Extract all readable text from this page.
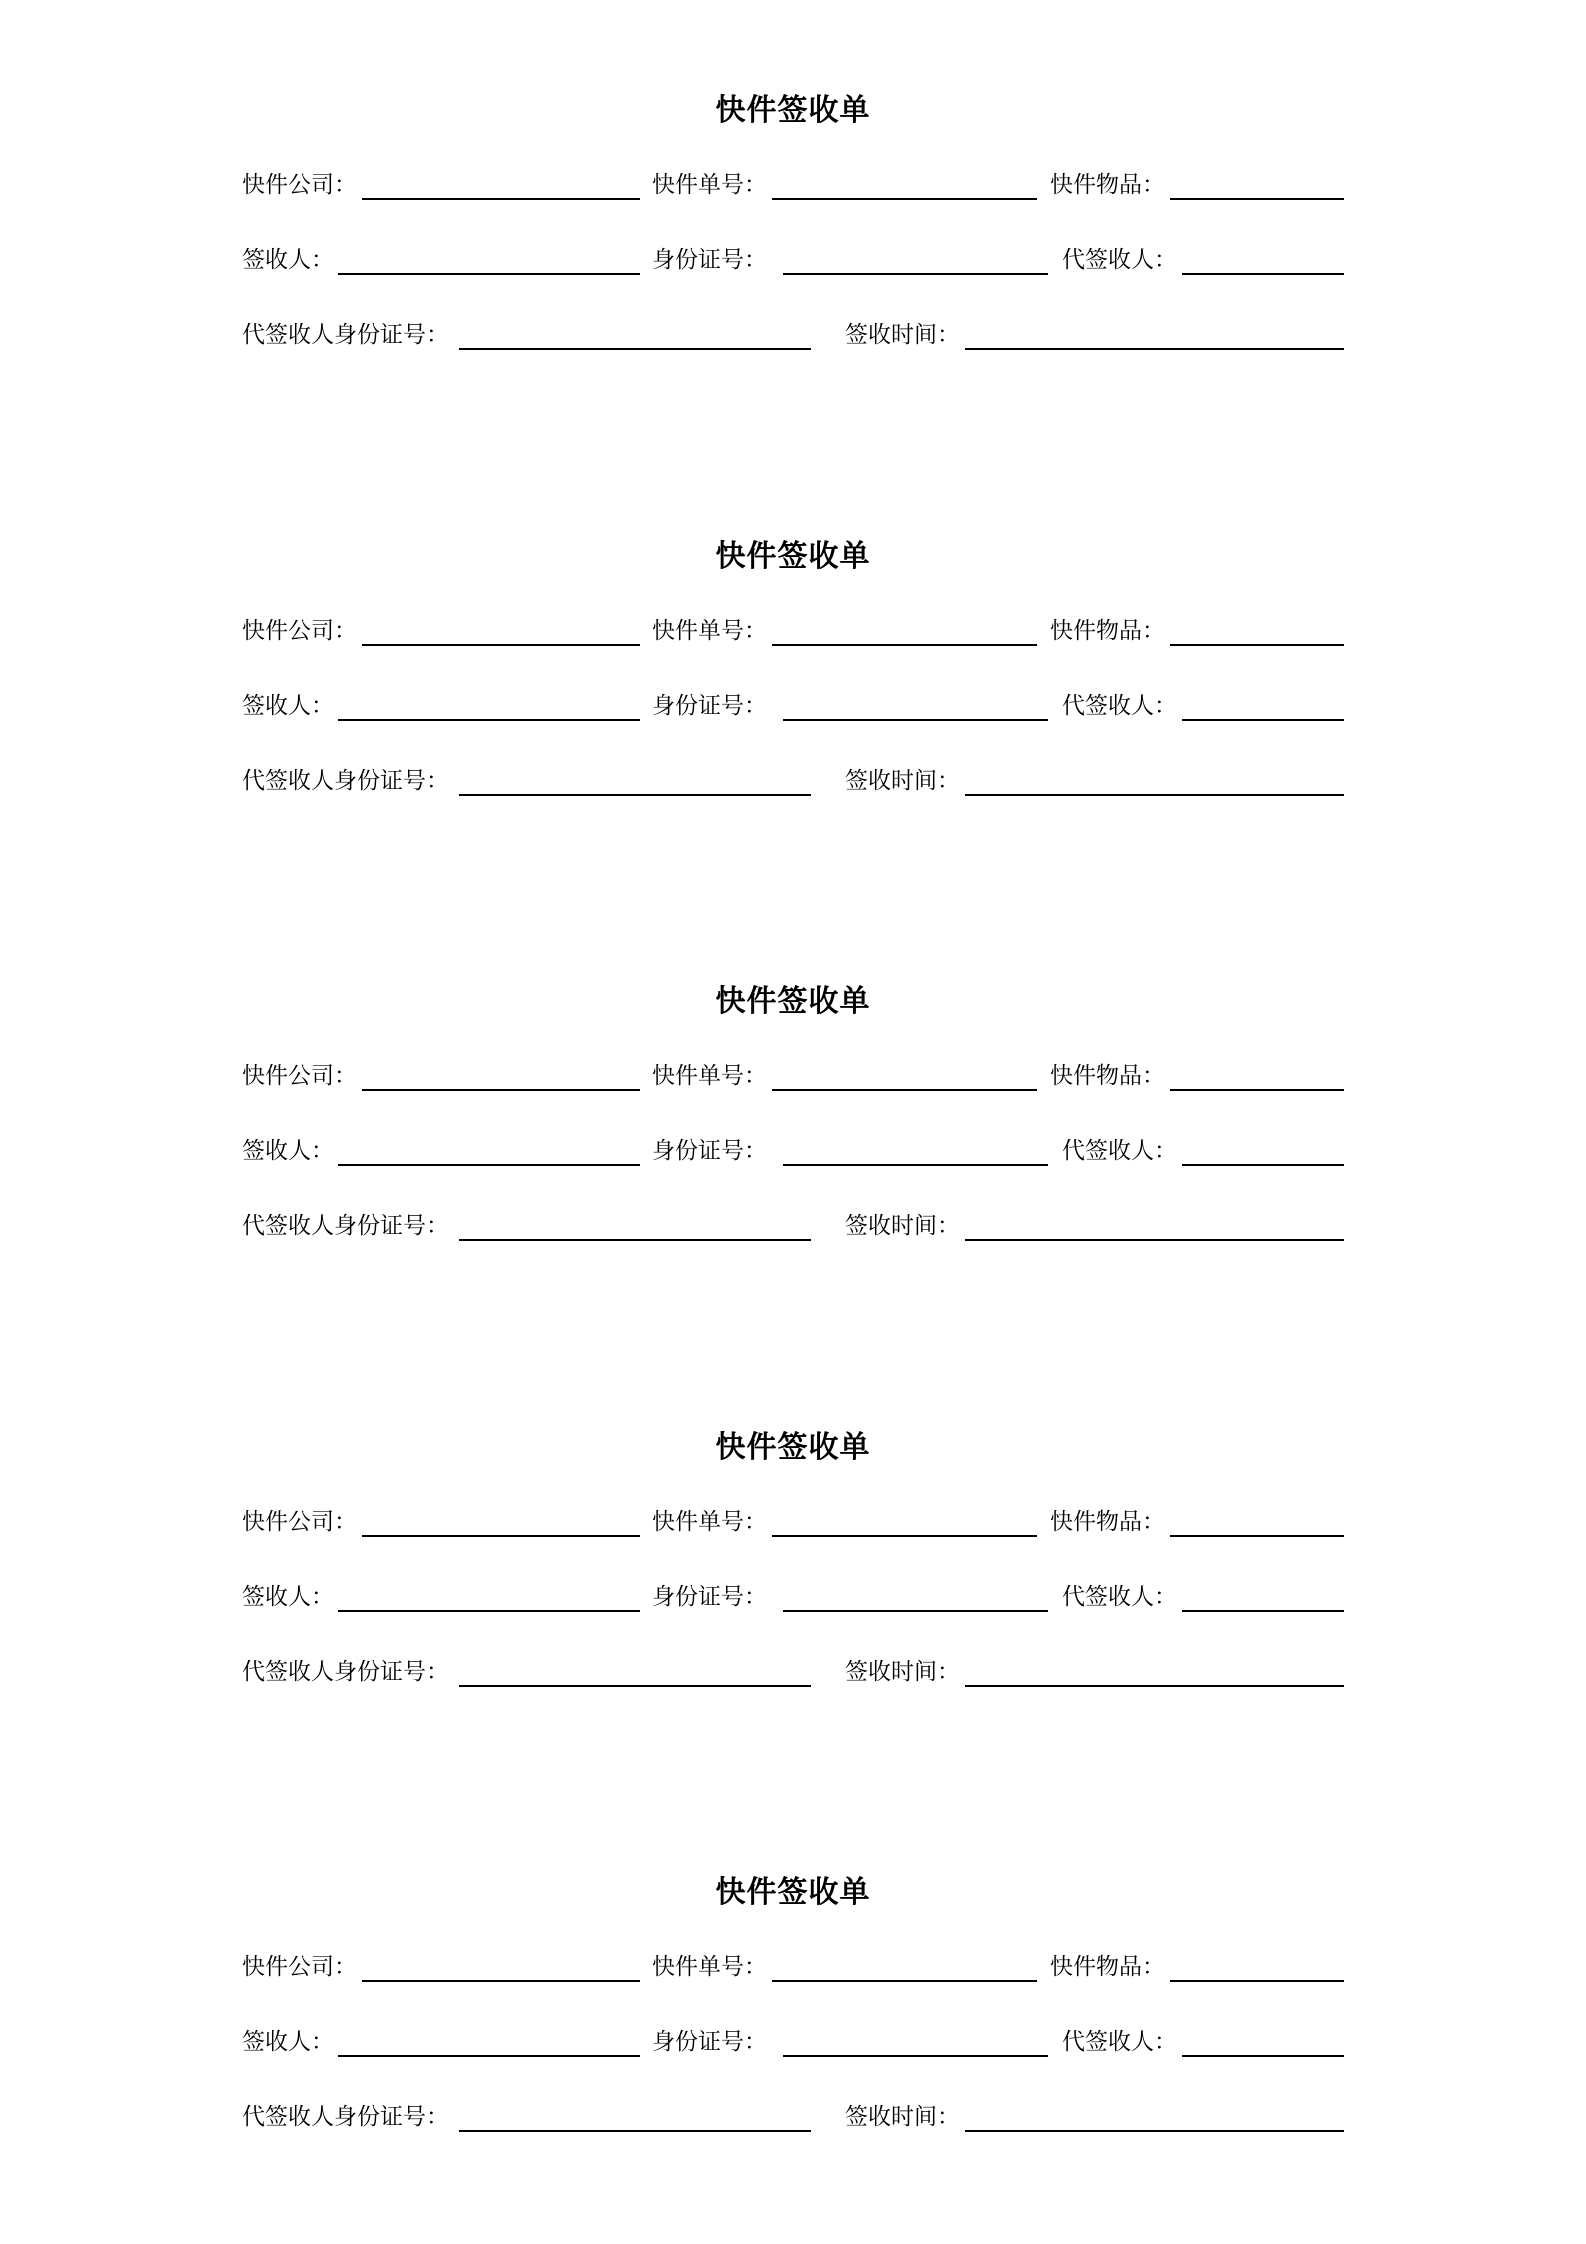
快件签收单
快件公司：	快件单号：	快件物品：
签收人：	身份证号：	代签收人：
代签收人身份证号：	签收时间：
快件签收单
快件公司：	快件单号：	快件物品：
签收人：	身份证号：	代签收人：
代签收人身份证号：	签收时间：
快件签收单
快件公司：	快件单号：	快件物品：
签收人：	身份证号：	代签收人：
代签收人身份证号：	签收时间：
快件签收单
快件公司：	快件单号：	快件物品：
签收人：	身份证号：	代签收人：
代签收人身份证号：	签收时间：
快件签收单
快件公司：	快件单号：	快件物品：
签收人：	身份证号：	代签收人：
代签收人身份证号：	签收时间：
